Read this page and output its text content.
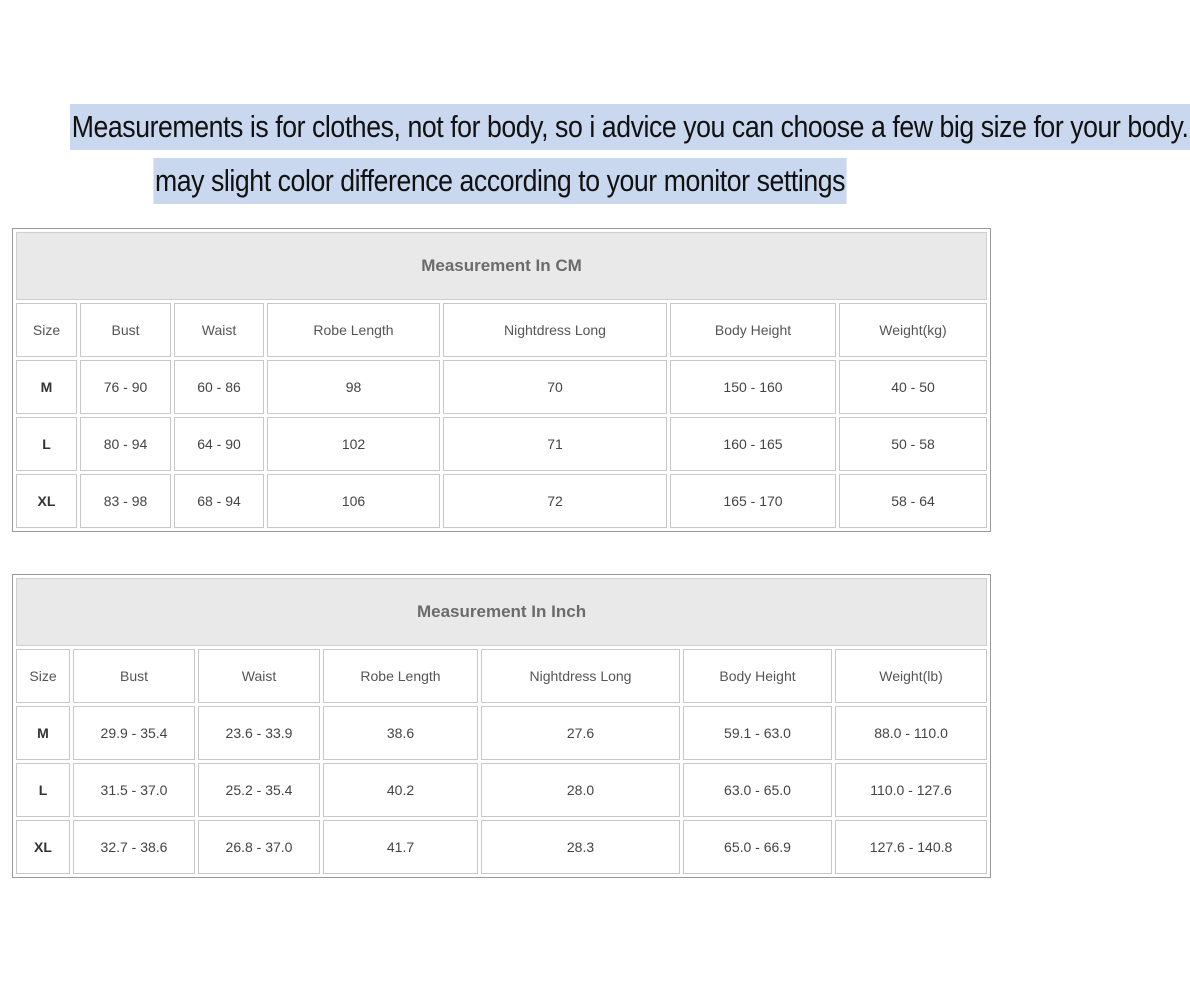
Measurements is for clothes, not for body, so i advice you can choose a few big size for your body.
may slight color difference according to your monitor settings
Measurement In CM						
Size	Bust	Waist	Robe Length	Nightdress Long	Body Height	Weight(kg)
M	76 - 90	60 - 86	98	70	150 - 160	40 - 50
L	80 - 94	64 - 90	102	71	160 - 165	50 - 58
XL	83 - 98	68 - 94	106	72	165 - 170	58 - 64
Measurement In Inch						
Size	Bust	Waist	Robe Length	Nightdress Long	Body Height	Weight(lb)
M	29.9 - 35.4	23.6 - 33.9	38.6	27.6	59.1 - 63.0	88.0 - 110.0
L	31.5 - 37.0	25.2 - 35.4	40.2	28.0	63.0 - 65.0	110.0 - 127.6
XL	32.7 - 38.6	26.8 - 37.0	41.7	28.3	65.0 - 66.9	127.6 - 140.8
